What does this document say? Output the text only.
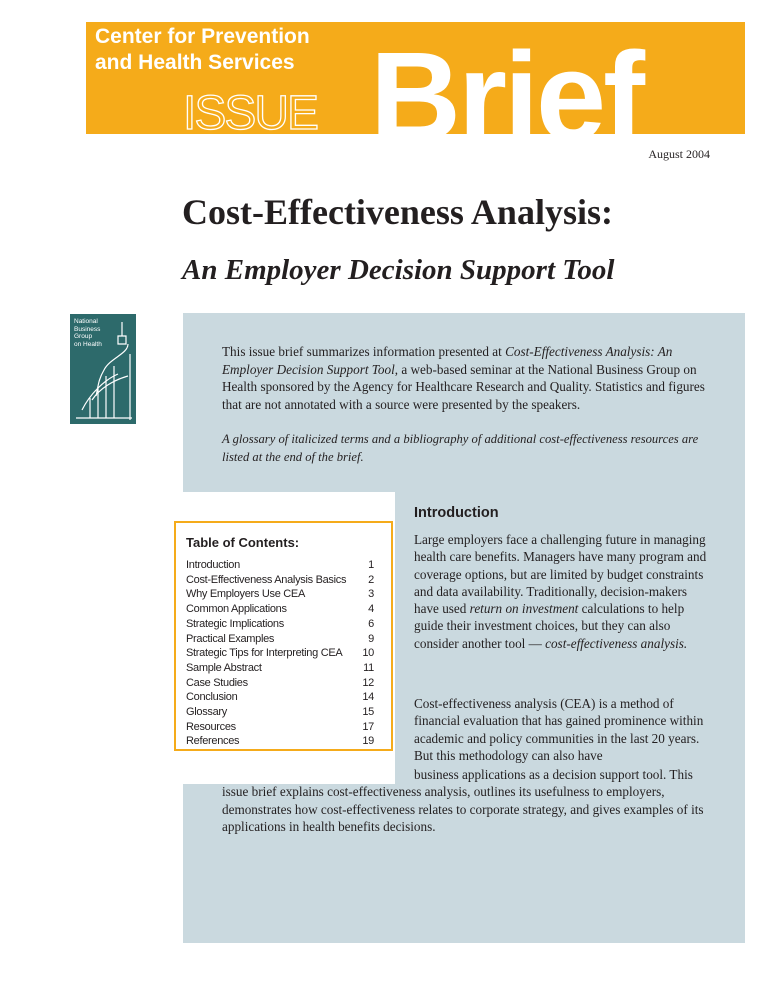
Brief
Center for Prevention
and Health Services
ISSUE
August 2004
Cost-Effectiveness Analysis:
An Employer Decision Support Tool
National
Business
Group
on Health	This issue brief summarizes information presented at Cost-Effectiveness Analysis: An Employer Decision Support Tool, a web-based seminar at the National Business Group on Health sponsored by the Agency for Healthcare Research and Quality. Statistics and figures that are not annotated with a source were presented by the speakers.

A glossary of italicized terms and a bibliography of additional cost-effectiveness resources are listed at the end of the brief.

Table of Contents:
Introduction	1
Cost-Effectiveness Analysis Basics	2
Why Employers Use CEA	3
Common Applications	4
Strategic Implications	6
Practical Examples	9
Strategic Tips for Interpreting CEA	10
Sample Abstract	11
Case Studies	12
Conclusion	14
Glossary	15
Resources	17
References	19
Introduction

Large employers face a challenging future in managing health care benefits. Managers have many program and coverage options, but are limited by budget constraints and data availability. Traditionally, decision-makers have used return on investment calculations to help guide their investment choices, but they can also consider another tool — cost-effectiveness analysis.

Cost-effectiveness analysis (CEA) is a method of financial evaluation that has gained prominence within academic and policy communities in the last 20 years. But this methodology can also have

business applications as a decision support tool. This
issue brief explains cost-effectiveness analysis, outlines its usefulness to employers, demonstrates how cost-effectiveness relates to corporate strategy, and gives examples of its applications in health benefits decisions.
